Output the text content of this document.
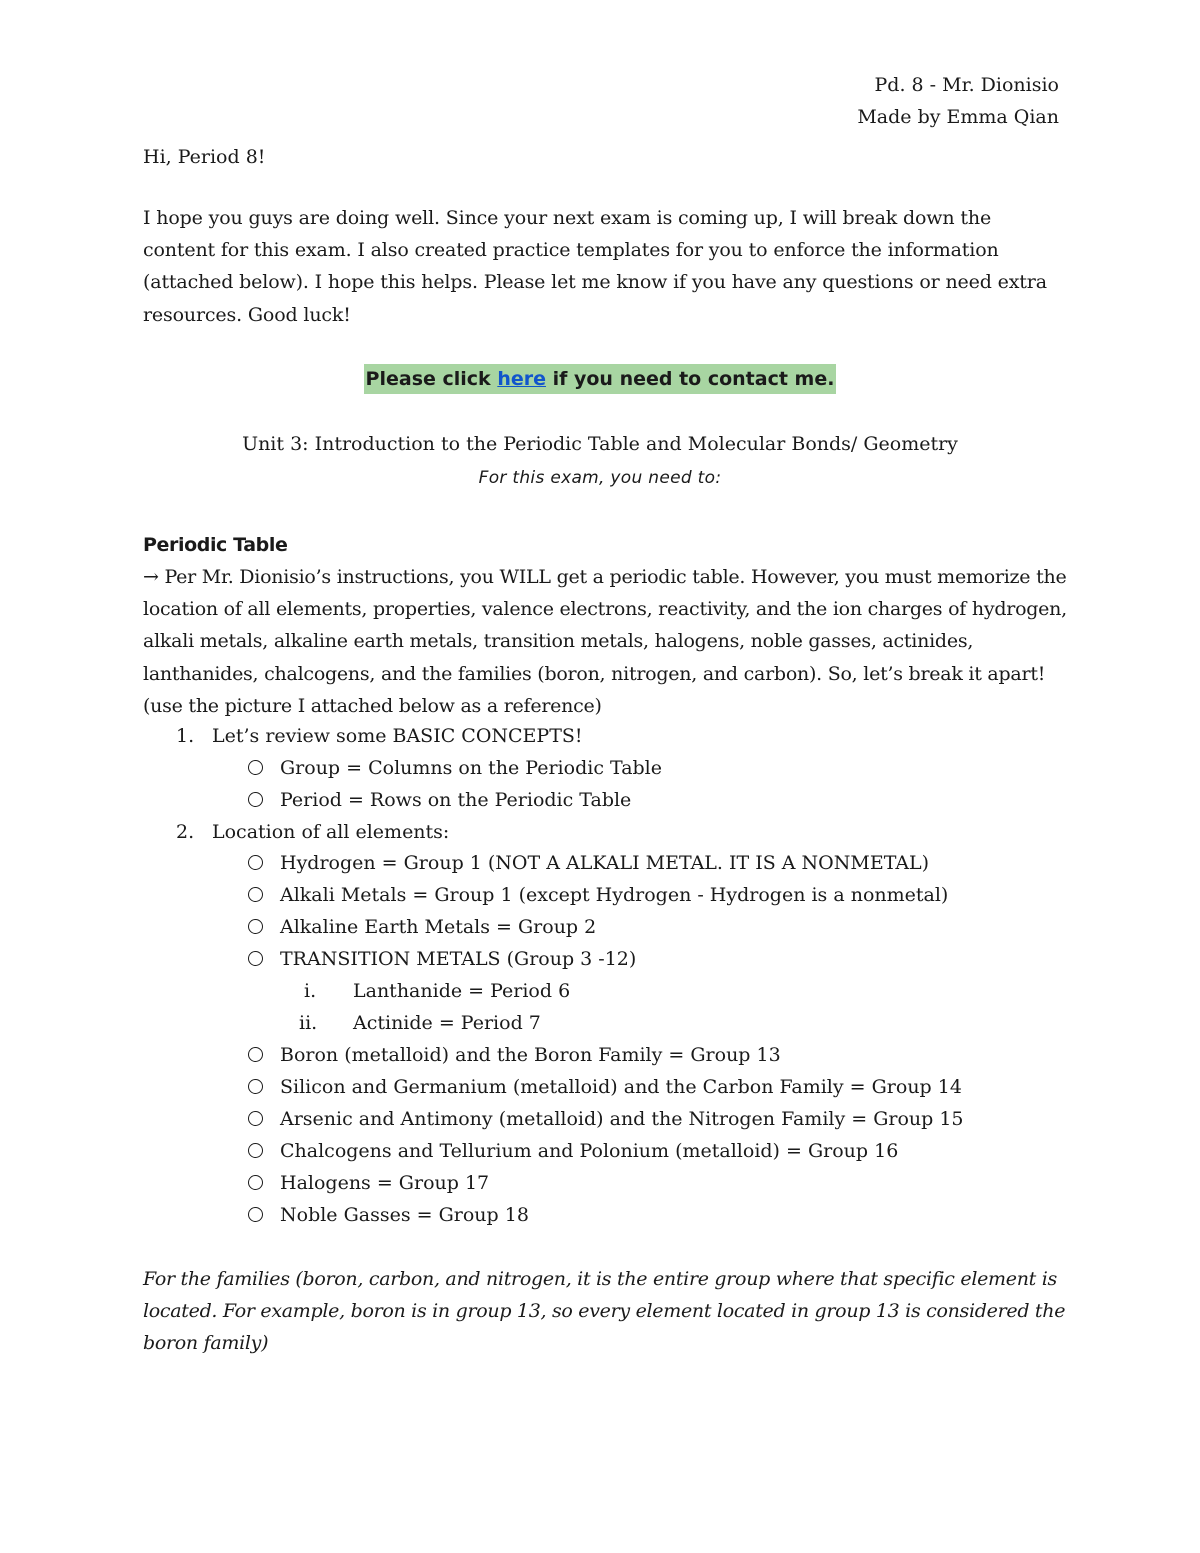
Pd. 8 - Mr. Dionisio
Made by Emma Qian
Hi, Period 8!
I hope you guys are doing well. Since your next exam is coming up, I will break down the content for this exam. I also created practice templates for you to enforce the information (attached below). I hope this helps. Please let me know if you have any questions or need extra resources. Good luck!
Please click here if you need to contact me.
Unit 3: Introduction to the Periodic Table and Molecular Bonds/ Geometry
For this exam, you need to:
Periodic Table
→ Per Mr. Dionisio’s instructions, you WILL get a periodic table. However, you must memorize the location of all elements, properties, valence electrons, reactivity, and the ion charges of hydrogen, alkali metals, alkaline earth metals, transition metals, halogens, noble gasses, actinides, lanthanides, chalcogens, and the families (boron, nitrogen, and carbon). So, let’s break it apart! (use the picture I attached below as a reference)
1. Let’s review some BASIC CONCEPTS!
Group = Columns on the Periodic Table
Period = Rows on the Periodic Table
2. Location of all elements:
Hydrogen = Group 1 (NOT A ALKALI METAL. IT IS A NONMETAL)
Alkali Metals = Group 1 (except Hydrogen - Hydrogen is a nonmetal)
Alkaline Earth Metals = Group 2
TRANSITION METALS (Group 3 -12)
i. Lanthanide = Period 6
ii. Actinide = Period 7
Boron (metalloid) and the Boron Family = Group 13
Silicon and Germanium (metalloid) and the Carbon Family = Group 14
Arsenic and Antimony (metalloid) and the Nitrogen Family = Group 15
Chalcogens and Tellurium and Polonium (metalloid) = Group 16
Halogens = Group 17
Noble Gasses = Group 18
For the families (boron, carbon, and nitrogen, it is the entire group where that specific element is located. For example, boron is in group 13, so every element located in group 13 is considered the boron family)
